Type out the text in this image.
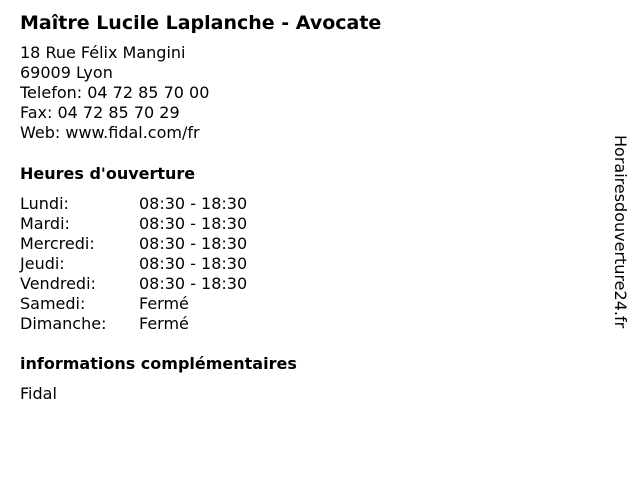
Maître Lucile Laplanche - Avocate
18 Rue Félix Mangini
69009 Lyon
Telefon: 04 72 85 70 00
Fax: 04 72 85 70 29
Web: www.fidal.com/fr
Heures d'ouverture
Lundi:	08:30 - 18:30
Mardi:	08:30 - 18:30
Mercredi:	08:30 - 18:30
Jeudi:	08:30 - 18:30
Vendredi:	08:30 - 18:30
Samedi:	Fermé
Dimanche:	Fermé
informations complémentaires
Fidal
Horairesdouverture24.fr
